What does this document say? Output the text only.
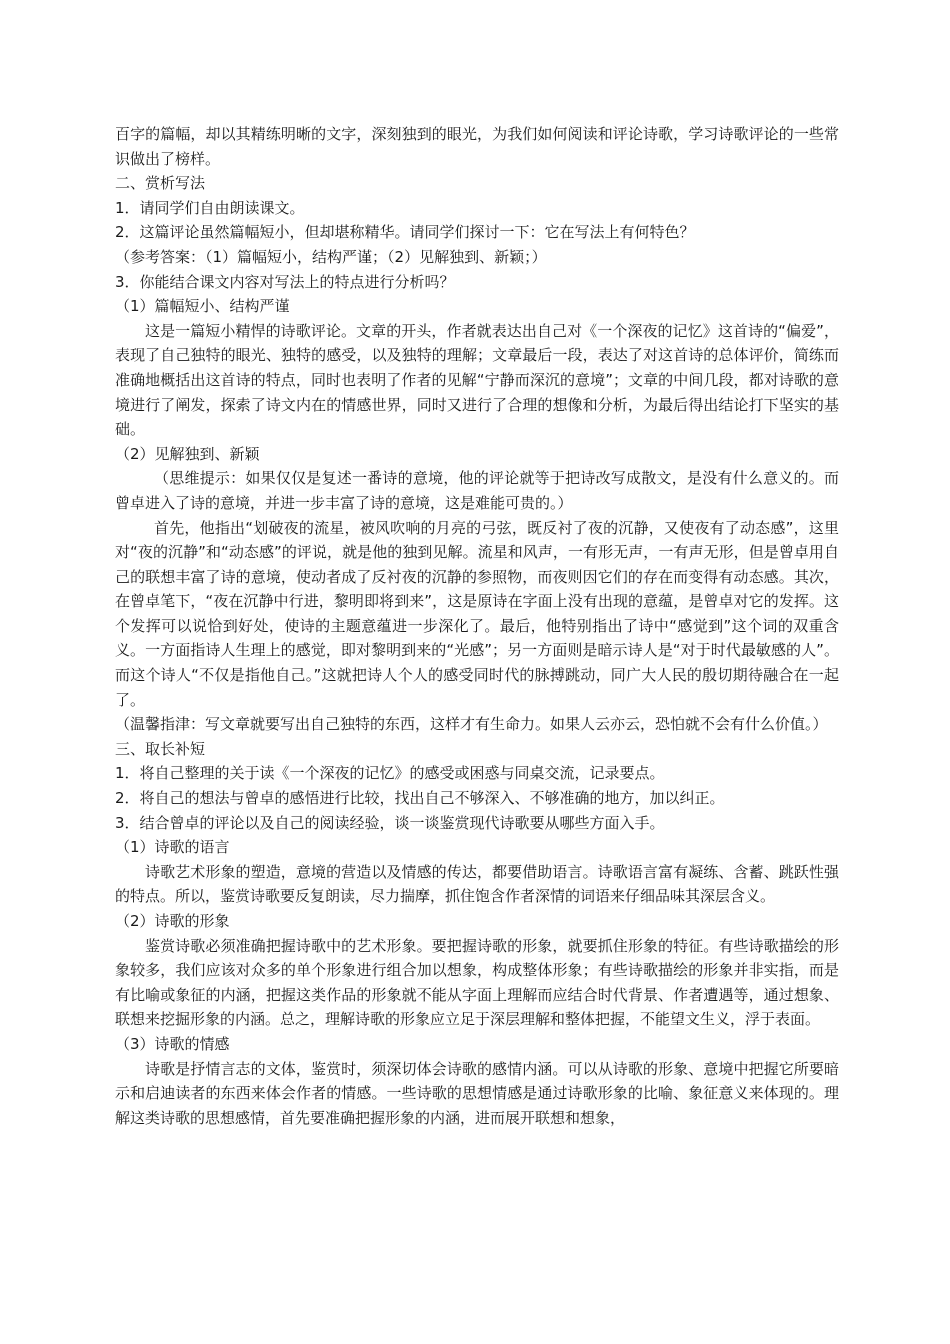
百字的篇幅，却以其精练明晰的文字，深刻独到的眼光，为我们如何阅读和评论诗歌，学习诗歌评论的一些常识做出了榜样。

二、赏析写法

1．请同学们自由朗读课文。

2．这篇评论虽然篇幅短小，但却堪称精华。请同学们探讨一下：它在写法上有何特色？

（参考答案：（1）篇幅短小，结构严谨；（2）见解独到、新颖；）

3．你能结合课文内容对写法上的特点进行分析吗？

（1）篇幅短小、结构严谨

这是一篇短小精悍的诗歌评论。文章的开头，作者就表达出自己对《一个深夜的记忆》这首诗的“偏爱”，表现了自己独特的眼光、独特的感受，以及独特的理解；文章最后一段，表达了对这首诗的总体评价，简练而准确地概括出这首诗的特点，同时也表明了作者的见解“宁静而深沉的意境”；文章的中间几段，都对诗歌的意境进行了阐发，探索了诗文内在的情感世界，同时又进行了合理的想像和分析，为最后得出结论打下坚实的基础。

（2）见解独到、新颖

（思维提示：如果仅仅是复述一番诗的意境，他的评论就等于把诗改写成散文，是没有什么意义的。而曾卓进入了诗的意境，并进一步丰富了诗的意境，这是难能可贵的。）

首先，他指出“划破夜的流星，被风吹响的月亮的弓弦，既反衬了夜的沉静，又使夜有了动态感”，这里对“夜的沉静”和“动态感”的评说，就是他的独到见解。流星和风声，一有形无声，一有声无形，但是曾卓用自己的联想丰富了诗的意境，使动者成了反衬夜的沉静的参照物，而夜则因它们的存在而变得有动态感。其次，在曾卓笔下，“夜在沉静中行进，黎明即将到来”，这是原诗在字面上没有出现的意蕴，是曾卓对它的发挥。这个发挥可以说恰到好处，使诗的主题意蕴进一步深化了。最后，他特别指出了诗中“感觉到”这个词的双重含义。一方面指诗人生理上的感觉，即对黎明到来的“光感”；另一方面则是暗示诗人是“对于时代最敏感的人”。而这个诗人“不仅是指他自己。”这就把诗人个人的感受同时代的脉搏跳动，同广大人民的殷切期待融合在一起了。

（温馨指津：写文章就要写出自己独特的东西，这样才有生命力。如果人云亦云，恐怕就不会有什么价值。）

三、取长补短

1．将自己整理的关于读《一个深夜的记忆》的感受或困惑与同桌交流，记录要点。

2．将自己的想法与曾卓的感悟进行比较，找出自己不够深入、不够准确的地方，加以纠正。

3．结合曾卓的评论以及自己的阅读经验，谈一谈鉴赏现代诗歌要从哪些方面入手。

（1）诗歌的语言

诗歌艺术形象的塑造，意境的营造以及情感的传达，都要借助语言。诗歌语言富有凝练、含蓄、跳跃性强的特点。所以，鉴赏诗歌要反复朗读，尽力揣摩，抓住饱含作者深情的词语来仔细品味其深层含义。

（2）诗歌的形象

鉴赏诗歌必须准确把握诗歌中的艺术形象。要把握诗歌的形象，就要抓住形象的特征。有些诗歌描绘的形象较多，我们应该对众多的单个形象进行组合加以想象，构成整体形象；有些诗歌描绘的形象并非实指，而是有比喻或象征的内涵，把握这类作品的形象就不能从字面上理解而应结合时代背景、作者遭遇等，通过想象、联想来挖掘形象的内涵。总之，理解诗歌的形象应立足于深层理解和整体把握，不能望文生义，浮于表面。

（3）诗歌的情感

诗歌是抒情言志的文体，鉴赏时，须深切体会诗歌的感情内涵。可以从诗歌的形象、意境中把握它所要暗示和启迪读者的东西来体会作者的情感。一些诗歌的思想情感是通过诗歌形象的比喻、象征意义来体现的。理解这类诗歌的思想感情，首先要准确把握形象的内涵，进而展开联想和想象，
